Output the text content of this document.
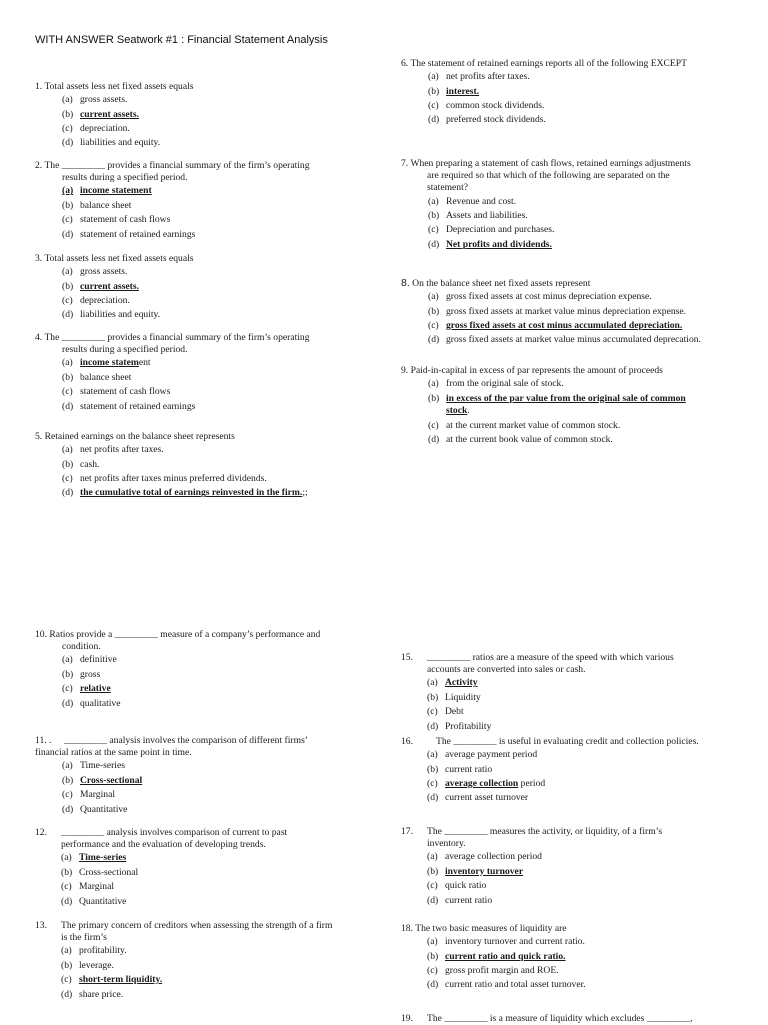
WITH ANSWER Seatwork #1 : Financial Statement Analysis
1. Total assets less net fixed assets equals
(a) gross assets.
(b) current assets.
(c) depreciation.
(d) liabilities and equity.
2. The _________ provides a financial summary of the firm’s operating
results during a specified period.
(a) income statement
(b) balance sheet
(c) statement of cash flows
(d) statement of retained earnings
3. Total assets less net fixed assets equals
(a) gross assets.
(b) current assets.
(c) depreciation.
(d) liabilities and equity.
4. The _________ provides a financial summary of the firm’s operating
results during a specified period.
(a) income statement
(b) balance sheet
(c) statement of cash flows
(d) statement of retained earnings
5. Retained earnings on the balance sheet represents
(a) net profits after taxes.
(b) cash.
(c) net profits after taxes minus preferred dividends.
(d) the cumulative total of earnings reinvested in the firm.;;
6. The statement of retained earnings reports all of the following EXCEPT
(a) net profits after taxes.
(b) interest.
(c) common stock dividends.
(d) preferred stock dividends.
7. When preparing a statement of cash flows, retained earnings adjustments
are required so that which of the following are separated on the
statement?
(a) Revenue and cost.
(b) Assets and liabilities.
(c) Depreciation and purchases.
(d) Net profits and dividends.
8. On the balance sheet net fixed assets represent
(a) gross fixed assets at cost minus depreciation expense.
(b) gross fixed assets at market value minus depreciation expense.
(c) gross fixed assets at cost minus accumulated depreciation.
(d) gross fixed assets at market value minus accumulated deprecation.
9. Paid-in-capital in excess of par represents the amount of proceeds
(a) from the original sale of stock.
(b) in excess of the par value from the original sale of common
stock.
(c) at the current market value of common stock.
(d) at the current book value of common stock.
10. Ratios provide a _________ measure of a company’s performance and
condition.
(a) definitive
(b) gross
(c) relative
(d) qualitative
11. . _________ analysis involves the comparison of different firms’
financial ratios at the same point in time.
(a) Time-series
(b) Cross-sectional
(c) Marginal
(d) Quantitative
12. _________ analysis involves comparison of current to past
performance and the evaluation of developing trends.
(a) Time-series
(b) Cross-sectional
(c) Marginal
(d) Quantitative
13. The primary concern of creditors when assessing the strength of a firm
is the firm’s
(a) profitability.
(b) leverage.
(c) short-term liquidity.
(d) share price.
15. _________ ratios are a measure of the speed with which various
accounts are converted into sales or cash.
(a) Activity
(b) Liquidity
(c) Debt
(d) Profitability
16. The _________ is useful in evaluating credit and collection policies.
(a) average payment period
(b) current ratio
(c) average collection period
(d) current asset turnover
17. The _________ measures the activity, or liquidity, of a firm’s
inventory.
(a) average collection period
(b) inventory turnover
(c) quick ratio
(d) current ratio
18. The two basic measures of liquidity are
(a) inventory turnover and current ratio.
(b) current ratio and quick ratio.
(c) gross profit margin and ROE.
(d) current ratio and total asset turnover.
19. The _________ is a measure of liquidity which excludes _________,
